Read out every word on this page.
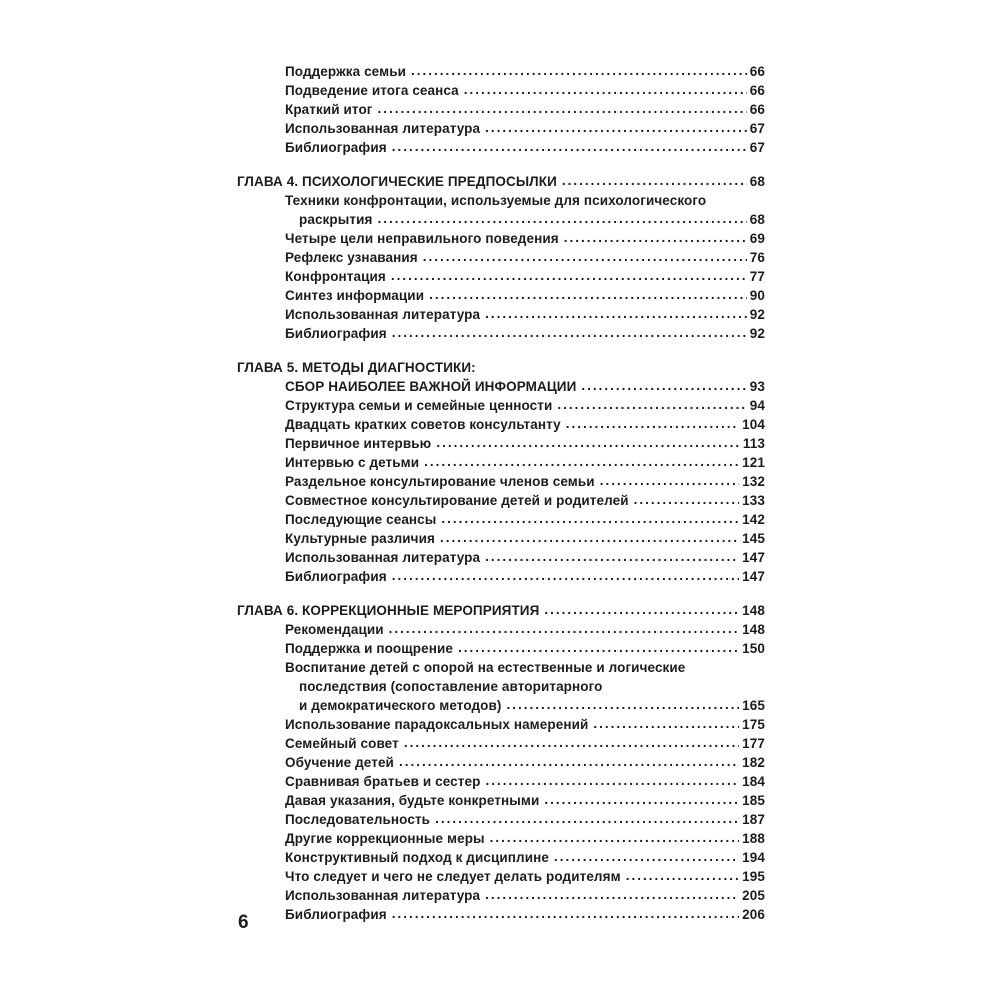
Поддержка семьи .....	66
Подведение итога сеанса .....	66
Краткий итог .....	66
Использованная литература .....	67
Библиография .....	67
ГЛАВА 4. ПСИХОЛОГИЧЕСКИЕ ПРЕДПОСЫЛКИ .....	68
Техники конфронтации, используемые для психологического
раскрытия .....	68
Четыре цели неправильного поведения .....	69
Рефлекс узнавания .....	76
Конфронтация .....	77
Синтез информации .....	90
Использованная литература .....	92
Библиография .....	92
ГЛАВА 5. МЕТОДЫ ДИАГНОСТИКИ:
СБОР НАИБОЛЕЕ ВАЖНОЙ ИНФОРМАЦИИ .....	93
Структура семьи и семейные ценности .....	94
Двадцать кратких советов консультанту .....	104
Первичное интервью .....	113
Интервью с детьми .....	121
Раздельное консультирование членов семьи .....	132
Совместное консультирование детей и родителей .....	133
Последующие сеансы .....	142
Культурные различия .....	145
Использованная литература .....	147
Библиография .....	147
ГЛАВА 6. КОРРЕКЦИОННЫЕ МЕРОПРИЯТИЯ .....	148
Рекомендации .....	148
Поддержка и поощрение .....	150
Воспитание детей с опорой на естественные и логические
последствия (сопоставление авторитарного
и демократического методов) .....	165
Использование парадоксальных намерений .....	175
Семейный совет .....	177
Обучение детей .....	182
Сравнивая братьев и сестер .....	184
Давая указания, будьте конкретными .....	185
Последовательность .....	187
Другие коррекционные меры .....	188
Конструктивный подход к дисциплине .....	194
Что следует и чего не следует делать родителям .....	195
Использованная литература .....	205
Библиография .....	206
6
